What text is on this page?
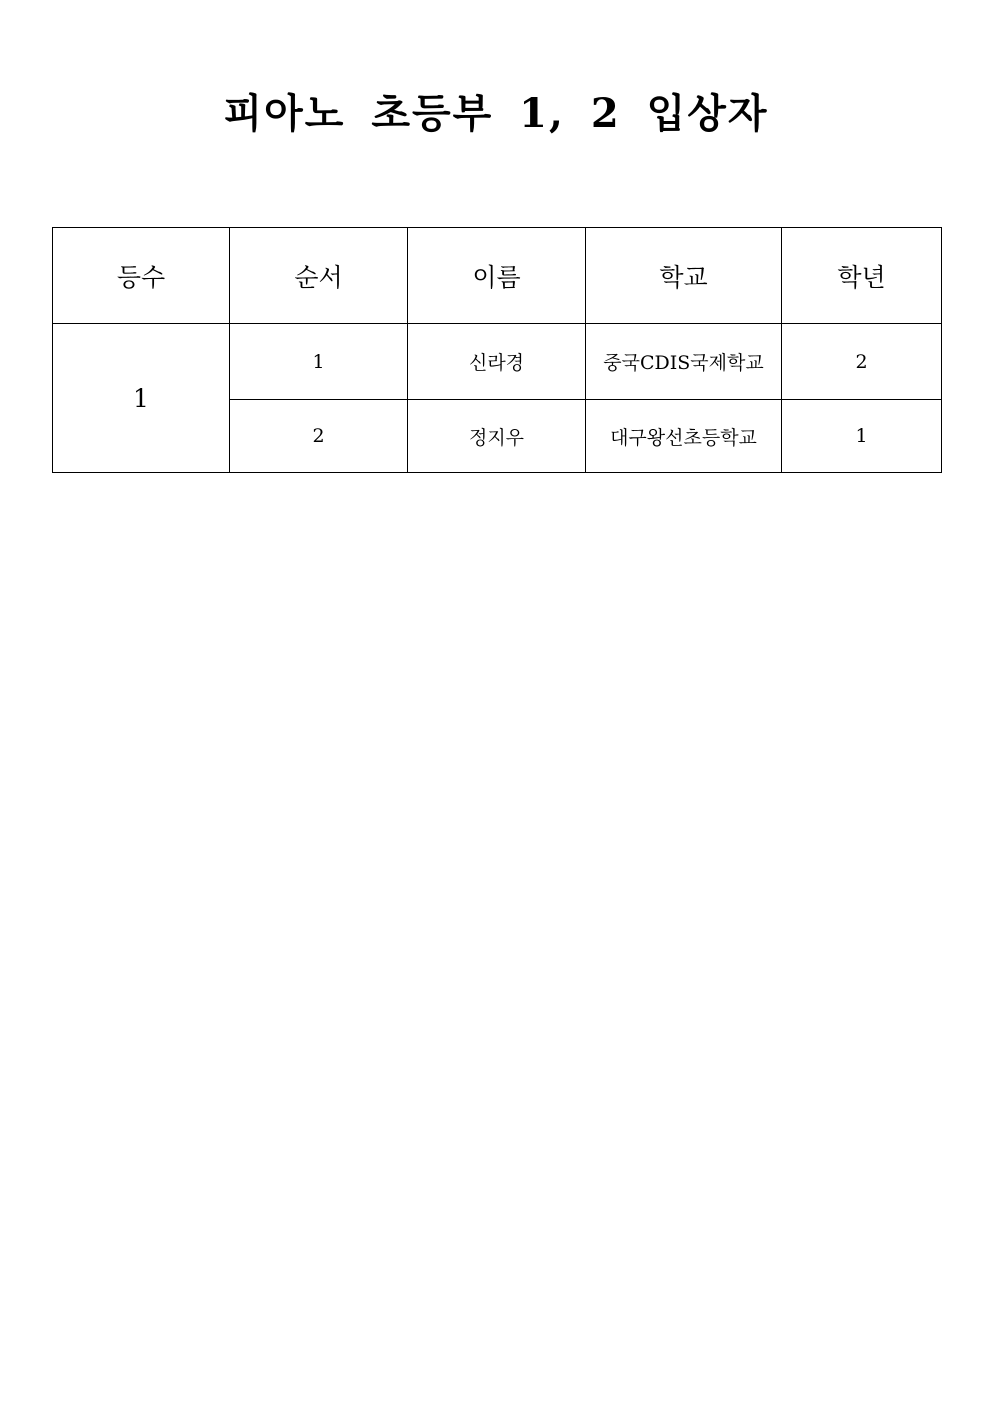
피아노 초등부 1, 2 입상자
등수	순서	이름	학교	학년
1	1	신라경	중국CDIS국제학교	2
	2	정지우	대구왕선초등학교	1
